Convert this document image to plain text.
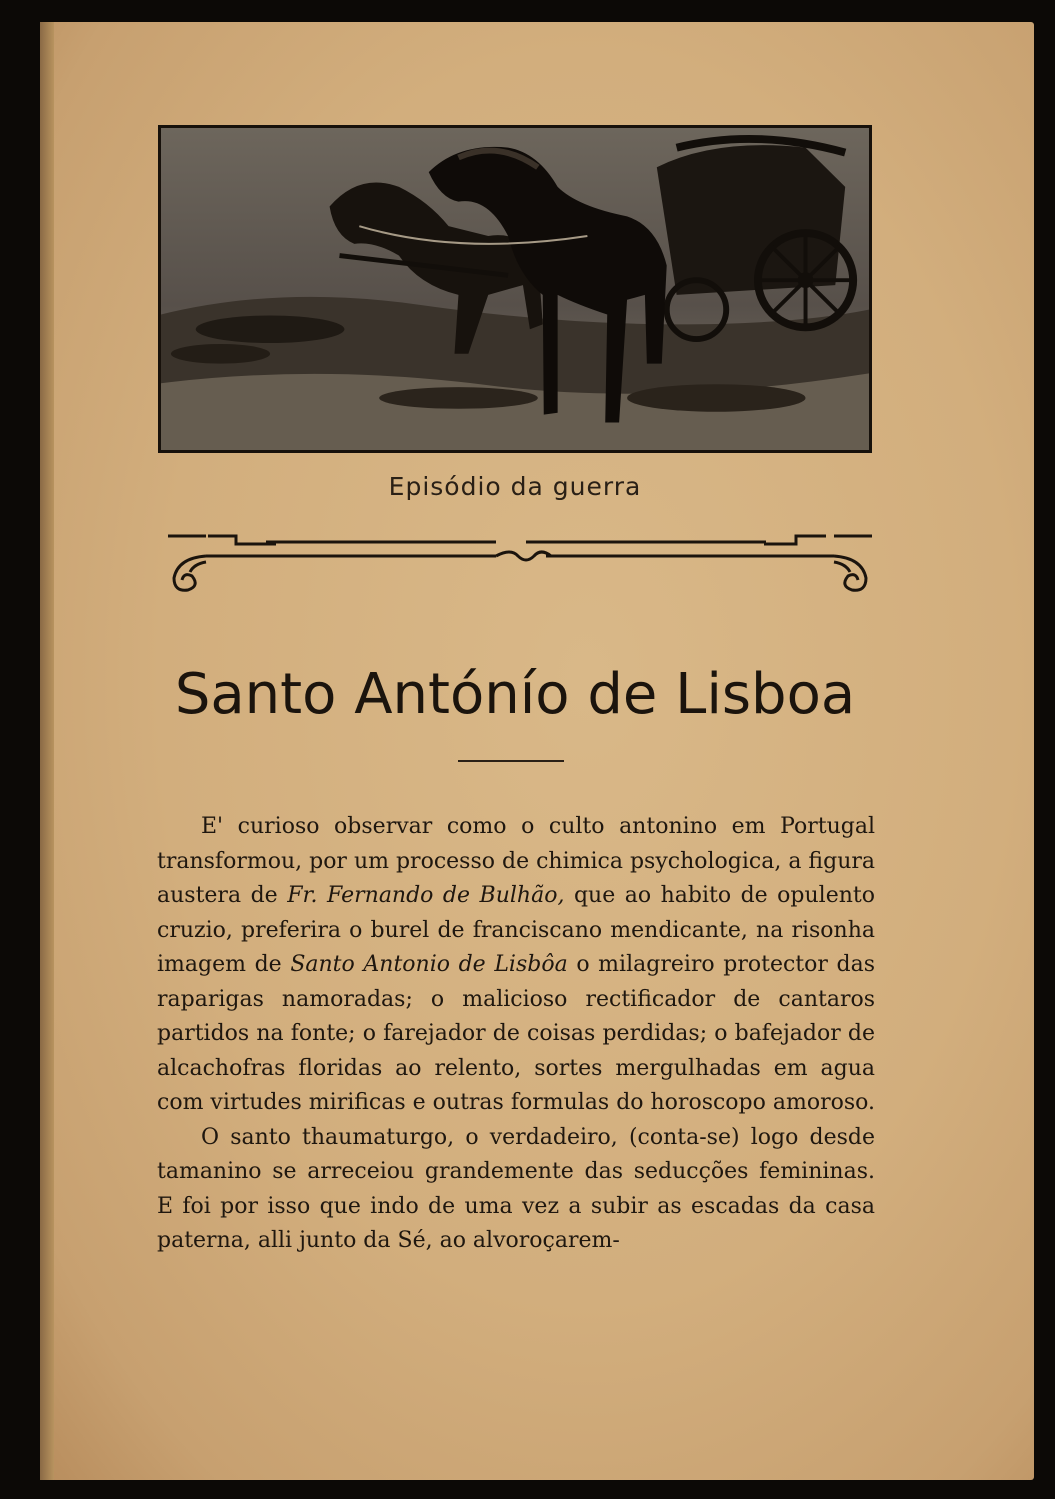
Episódio da guerra
Santo Antónío de Lisboa

E' curioso observar como o culto antonino em Portugal transformou, por um processo de chimica psychologica, a figura austera de Fr. Fernando de Bulhão, que ao habito de opulento cruzio, preferira o burel de franciscano mendicante, na risonha imagem de Santo Antonio de Lisbôa o milagreiro protector das raparigas namoradas; o malicioso rectificador de cantaros partidos na fonte; o farejador de coisas perdidas; o bafejador de alcachofras floridas ao relento, sortes mergulhadas em agua com virtudes mirificas e outras formulas do horoscopo amoroso.

O santo thaumaturgo, o verdadeiro, (conta-se) logo desde tamanino se arreceiou grandemente das seducções femininas. E foi por isso que indo de uma vez a subir as escadas da casa paterna, alli junto da Sé, ao alvoroçarem-
